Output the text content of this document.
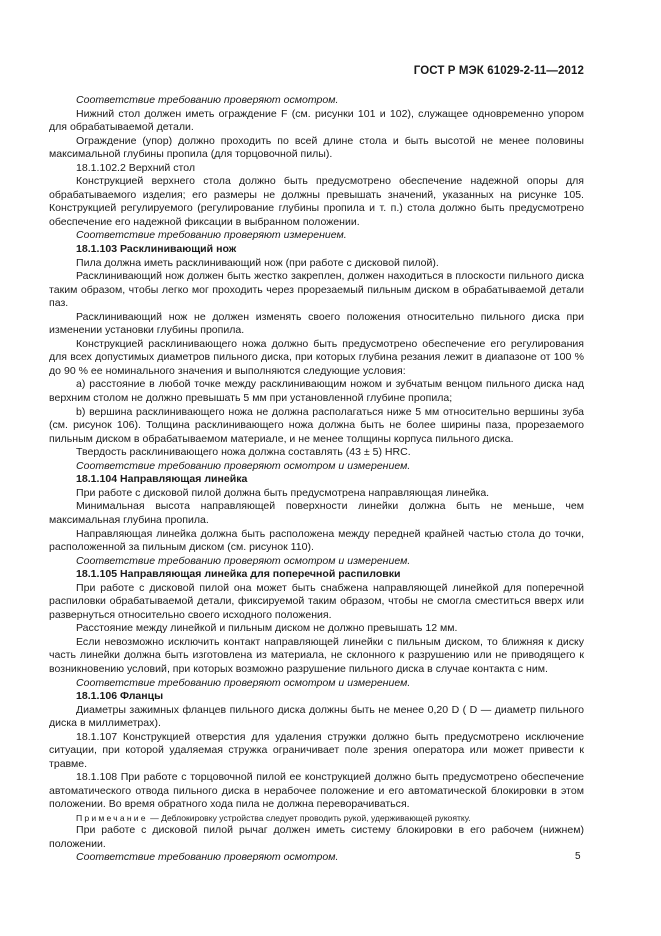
ГОСТ Р МЭК 61029-2-11—2012

Соответствие требованию проверяют осмотром.

Нижний стол должен иметь ограждение F (см. рисунки 101 и 102), служащее одновременно упором для обрабатываемой детали.

Ограждение (упор) должно проходить по всей длине стола и быть высотой не менее половины максимальной глубины пропила (для торцовочной пилы).

18.1.102.2 Верхний стол

Конструкцией верхнего стола должно быть предусмотрено обеспечение надежной опоры для обрабатываемого изделия; его размеры не должны превышать значений, указанных на рисунке 105. Конструкцией регулируемого (регулирование глубины пропила и т. п.) стола должно быть предусмотрено обеспечение его надежной фиксации в выбранном положении.

Соответствие требованию проверяют измерением.

18.1.103 Расклинивающий нож

Пила должна иметь расклинивающий нож (при работе с дисковой пилой).

Расклинивающий нож должен быть жестко закреплен, должен находиться в плоскости пильного диска таким образом, чтобы легко мог проходить через прорезаемый пильным диском в обрабатываемой детали паз.

Расклинивающий нож не должен изменять своего положения относительно пильного диска при изменении установки глубины пропила.

Конструкцией расклинивающего ножа должно быть предусмотрено обеспечение его регулирования для всех допустимых диаметров пильного диска, при которых глубина резания лежит в диапазоне от 100 % до 90 % ее номинального значения и выполняются следующие условия:

а) расстояние в любой точке между расклинивающим ножом и зубчатым венцом пильного диска над верхним столом не должно превышать 5 мм при установленной глубине пропила;

b) вершина расклинивающего ножа не должна располагаться ниже 5 мм относительно вершины зуба (см. рисунок 106). Толщина расклинивающего ножа должна быть не более ширины паза, прорезаемого пильным диском в обрабатываемом материале, и не менее толщины корпуса пильного диска.

Твердость расклинивающего ножа должна составлять (43 ± 5) HRC.

Соответствие требованию проверяют осмотром и измерением.

18.1.104 Направляющая линейка

При работе с дисковой пилой должна быть предусмотрена направляющая линейка.

Минимальная высота направляющей поверхности линейки должна быть не меньше, чем максимальная глубина пропила.

Направляющая линейка должна быть расположена между передней крайней частью стола до точки, расположенной за пильным диском (см. рисунок 110).

Соответствие требованию проверяют осмотром и измерением.

18.1.105 Направляющая линейка для поперечной распиловки

При работе с дисковой пилой она может быть снабжена направляющей линейкой для поперечной распиловки обрабатываемой детали, фиксируемой таким образом, чтобы не смогла сместиться вверх или развернуться относительно своего исходного положения.

Расстояние между линейкой и пильным диском не должно превышать 12 мм.

Если невозможно исключить контакт направляющей линейки с пильным диском, то ближняя к диску часть линейки должна быть изготовлена из материала, не склонного к разрушению или не приводящего к возникновению условий, при которых возможно разрушение пильного диска в случае контакта с ним.

Соответствие требованию проверяют осмотром и измерением.

18.1.106 Фланцы

Диаметры зажимных фланцев пильного диска должны быть не менее 0,20 D ( D — диаметр пильного диска в миллиметрах).

18.1.107 Конструкцией отверстия для удаления стружки должно быть предусмотрено исключение ситуации, при которой удаляемая стружка ограничивает поле зрения оператора или может привести к травме.

18.1.108 При работе с торцовочной пилой ее конструкцией должно быть предусмотрено обеспечение автоматического отвода пильного диска в нерабочее положение и его автоматической блокировки в этом положении. Во время обратного хода пила не должна переворачиваться.

Примечание — Деблокировку устройства следует проводить рукой, удерживающей рукоятку.

При работе с дисковой пилой рычаг должен иметь систему блокировки в его рабочем (нижнем) положении.

Соответствие требованию проверяют осмотром.	5
